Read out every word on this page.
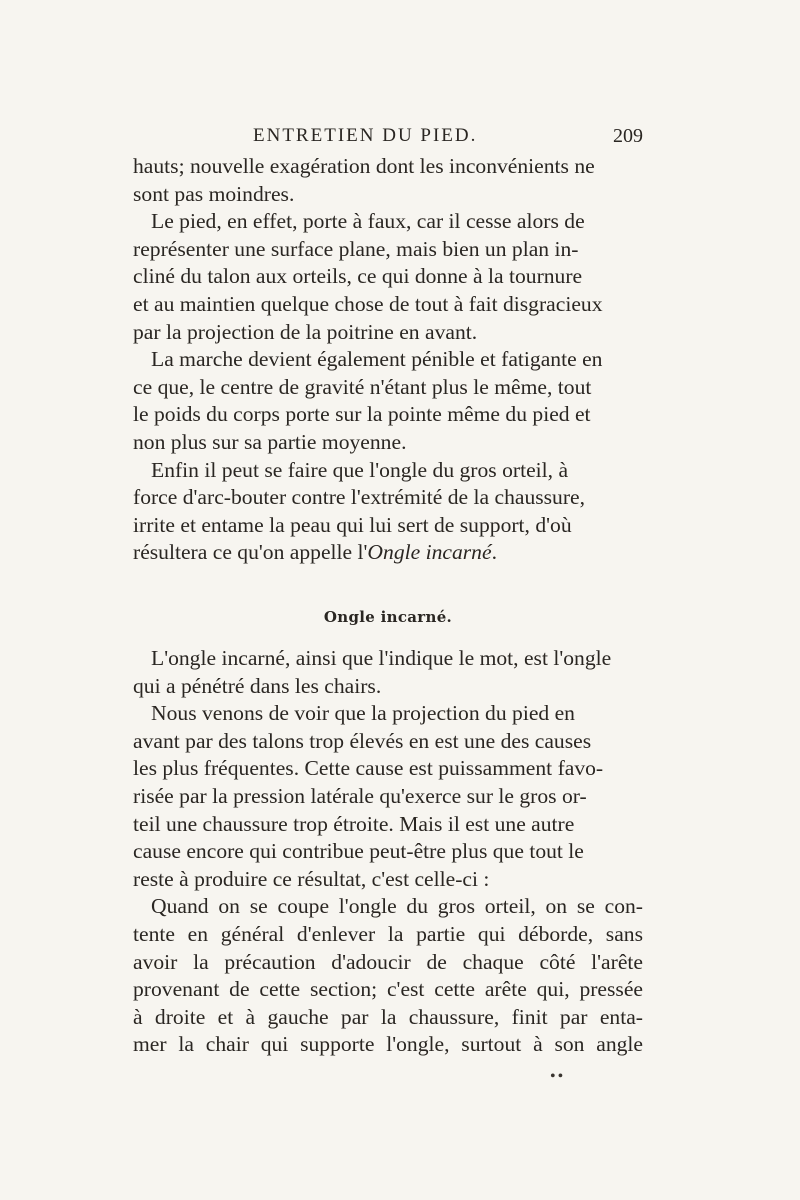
ENTRETIEN DU PIED.	209

hauts; nouvelle exagération dont les inconvénients ne
sont pas moindres.

Le pied, en effet, porte à faux, car il cesse alors de
représenter une surface plane, mais bien un plan in-
cliné du talon aux orteils, ce qui donne à la tournure
et au maintien quelque chose de tout à fait disgracieux
par la projection de la poitrine en avant.

La marche devient également pénible et fatigante en
ce que, le centre de gravité n'étant plus le même, tout
le poids du corps porte sur la pointe même du pied et
non plus sur sa partie moyenne.

Enfin il peut se faire que l'ongle du gros orteil, à
force d'arc-bouter contre l'extrémité de la chaussure,
irrite et entame la peau qui lui sert de support, d'où
résultera ce qu'on appelle l'Ongle incarné.

Ongle incarné.

L'ongle incarné, ainsi que l'indique le mot, est l'ongle
qui a pénétré dans les chairs.

Nous venons de voir que la projection du pied en
avant par des talons trop élevés en est une des causes
les plus fréquentes. Cette cause est puissamment favo-
risée par la pression latérale qu'exerce sur le gros or-
teil une chaussure trop étroite. Mais il est une autre
cause encore qui contribue peut-être plus que tout le
reste à produire ce résultat, c'est celle-ci :

Quand on se coupe l'ongle du gros orteil, on se con-
tente en général d'enlever la partie qui déborde, sans
avoir la précaution d'adoucir de chaque côté l'arête
provenant de cette section; c'est cette arête qui, pressée
à droite et à gauche par la chaussure, finit par enta-
mer la chair qui supporte l'ongle, surtout à son angle

••
